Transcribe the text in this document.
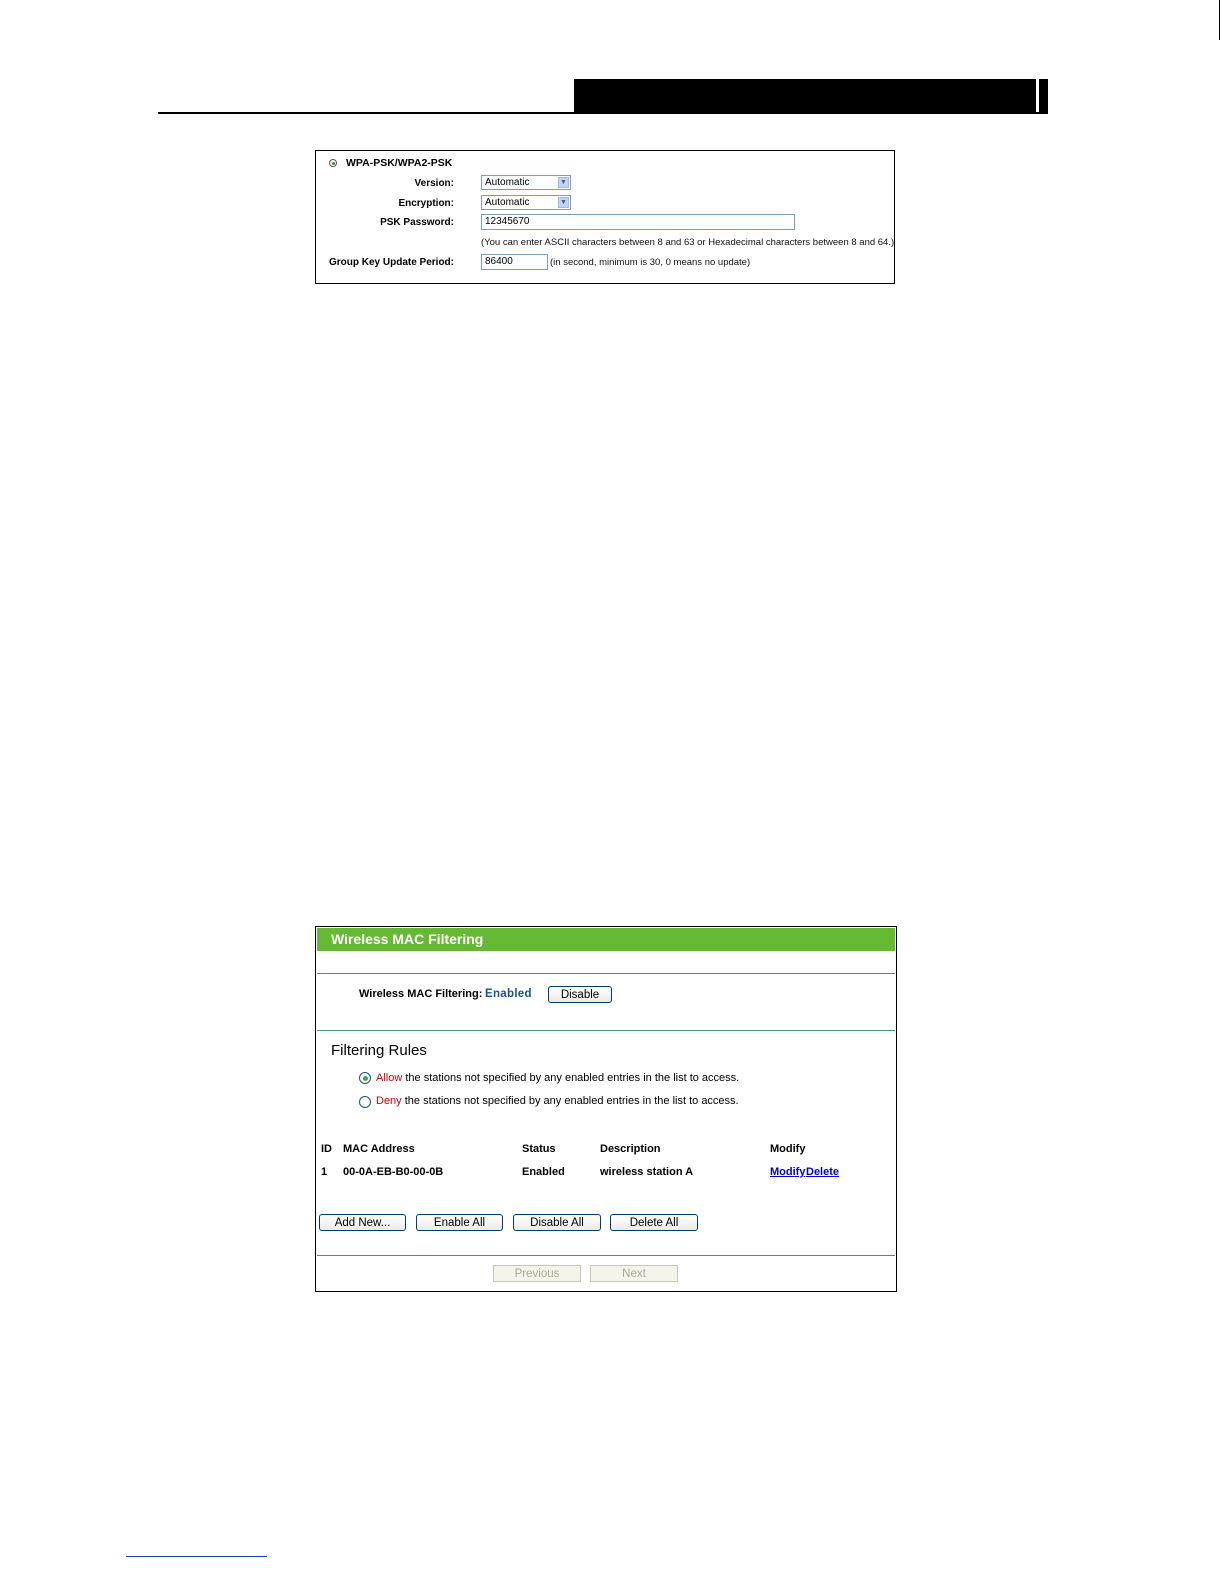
WPA-PSK/WPA2-PSK
Version:	Automatic	▼
Encryption:	Automatic	▼
PSK Password:	12345670
(You can enter ASCII characters between 8 and 63 or Hexadecimal characters between 8 and 64.)
Group Key Update Period:	86400	(in second, minimum is 30, 0 means no update)
Wireless MAC Filtering
Wireless MAC Filtering: Enabled	Disable
Filtering Rules
Allow the stations not specified by any enabled entries in the list to access.
Deny the stations not specified by any enabled entries in the list to access.
ID MAC Address	Status	Description	Modify
1 00-0A-EB-B0-00-0B	Enabled	wireless station A	Modify Delete
Add New...	Enable All	Disable All	Delete All
Previous	Next
